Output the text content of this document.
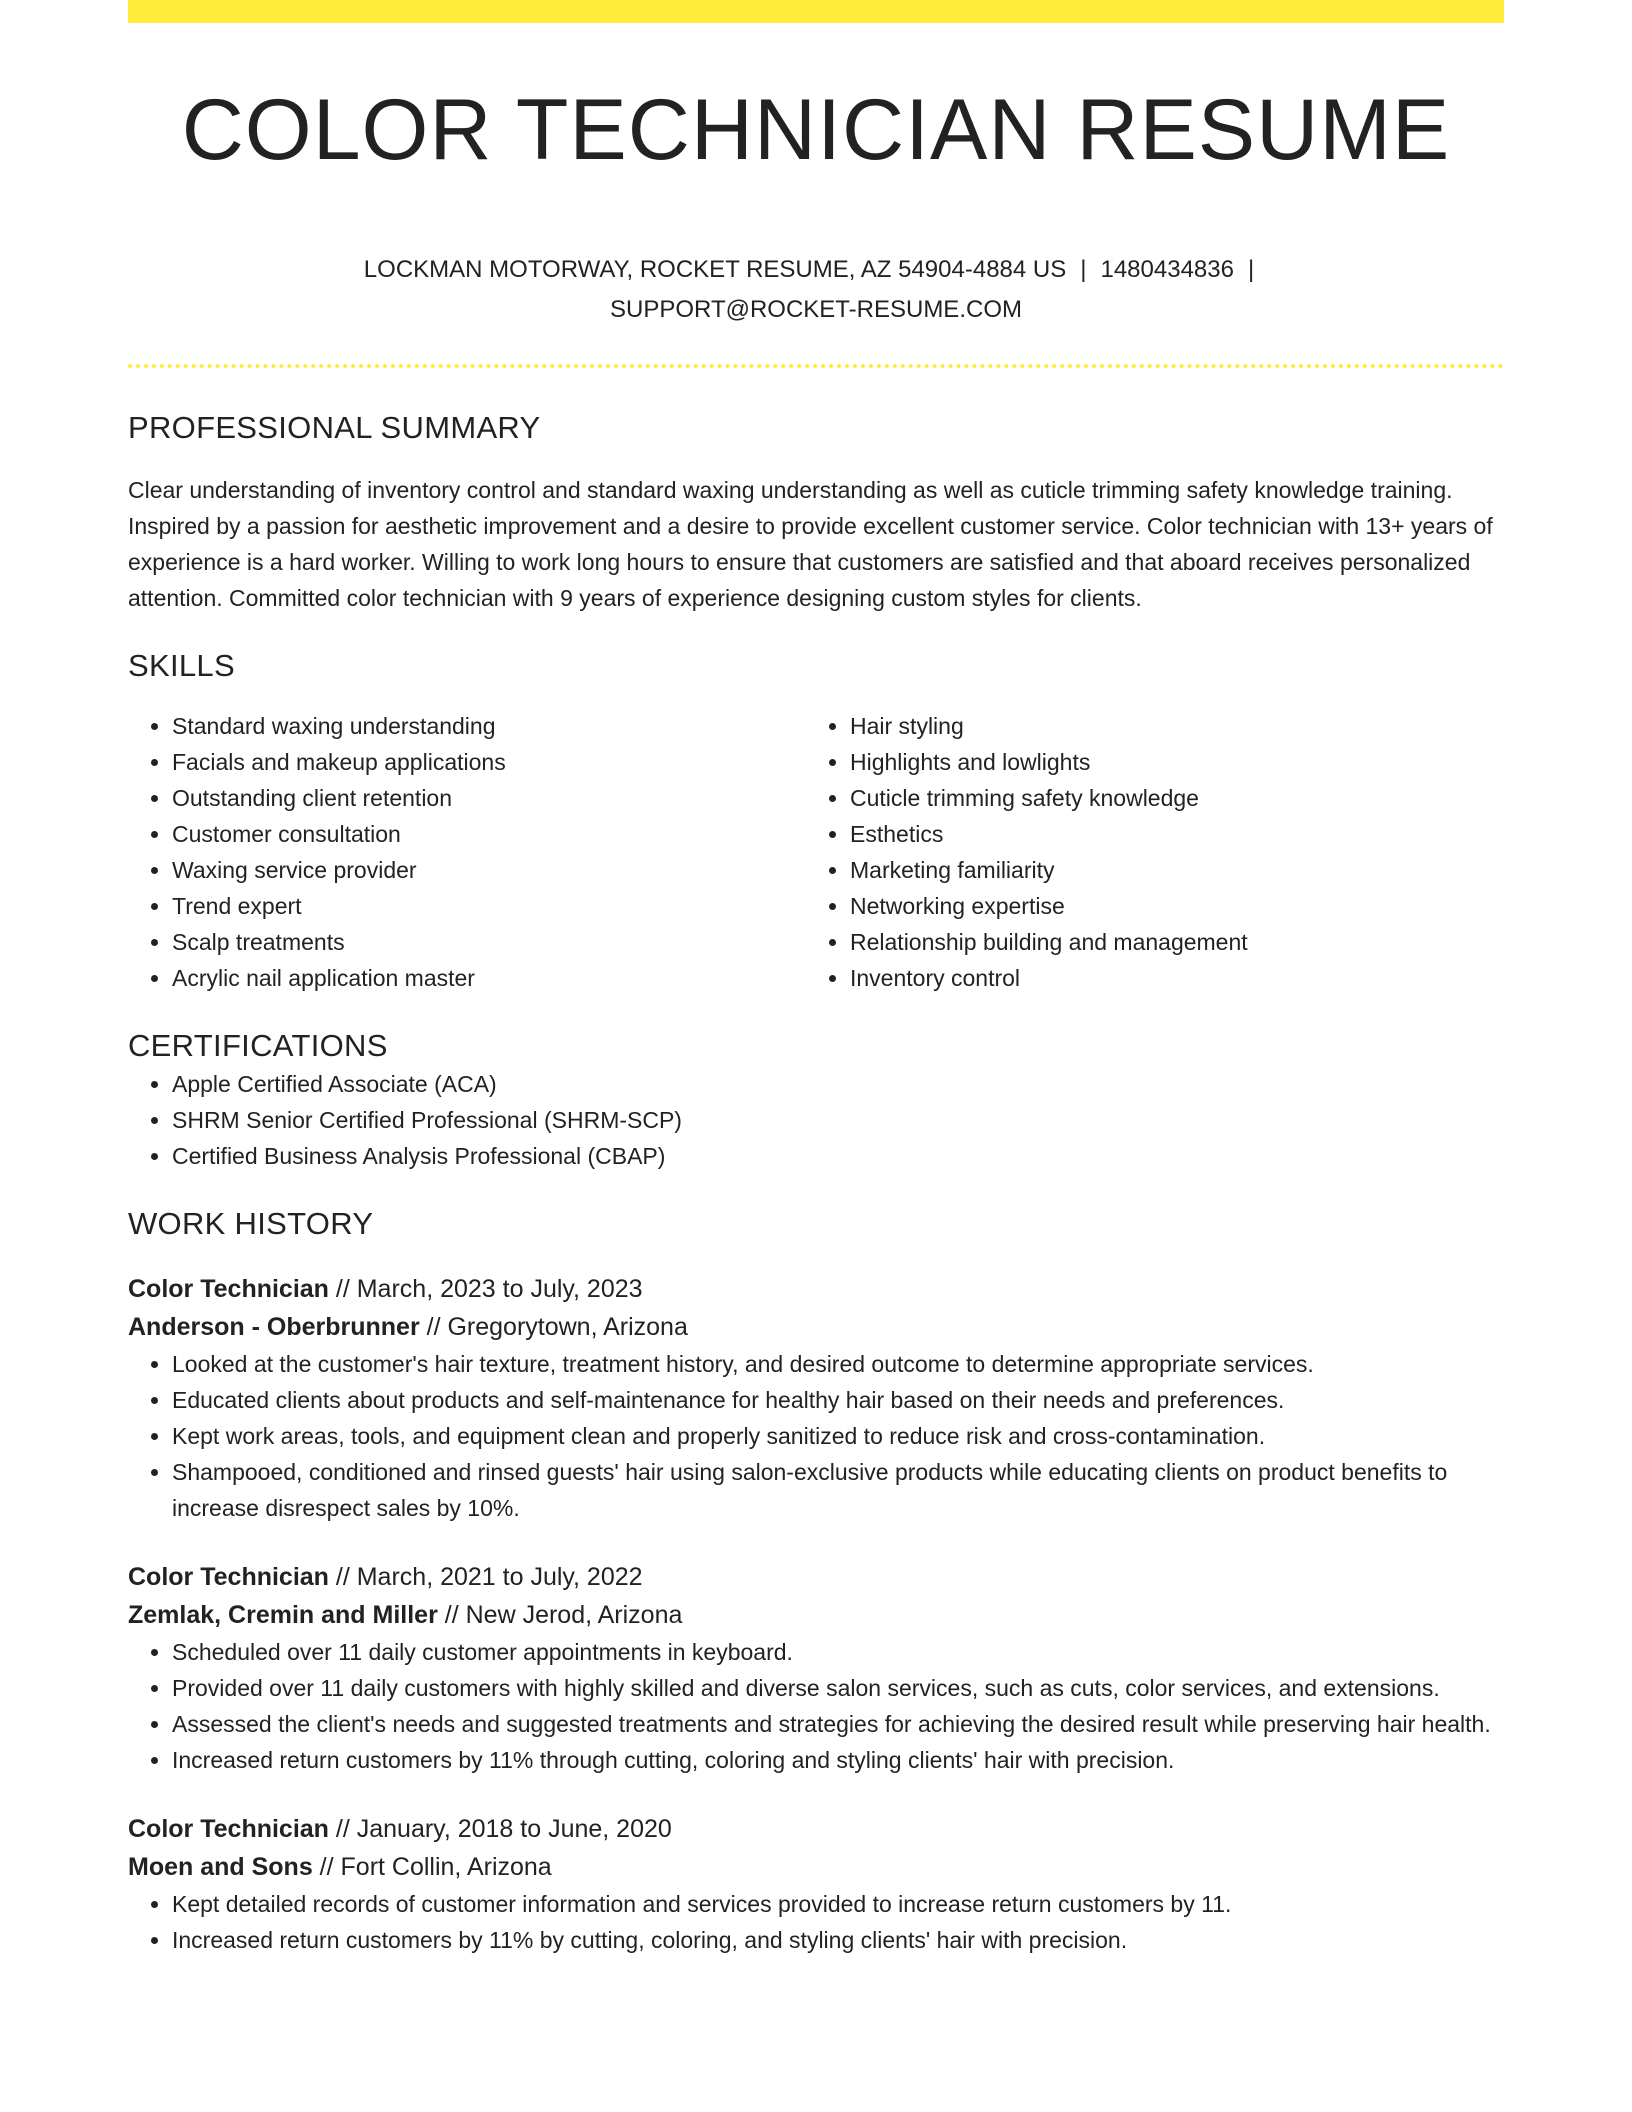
COLOR TECHNICIAN RESUME
LOCKMAN MOTORWAY, ROCKET RESUME, AZ 54904-4884 US | 1480434836 |
SUPPORT@ROCKET-RESUME.COM
PROFESSIONAL SUMMARY
Clear understanding of inventory control and standard waxing understanding as well as cuticle trimming safety knowledge training. Inspired by a passion for aesthetic improvement and a desire to provide excellent customer service. Color technician with 13+ years of experience is a hard worker. Willing to work long hours to ensure that customers are satisfied and that aboard receives personalized attention. Committed color technician with 9 years of experience designing custom styles for clients.
SKILLS
• Standard waxing understanding
• Facials and makeup applications
• Outstanding client retention
• Customer consultation
• Waxing service provider
• Trend expert
• Scalp treatments
• Acrylic nail application master
• Hair styling
• Highlights and lowlights
• Cuticle trimming safety knowledge
• Esthetics
• Marketing familiarity
• Networking expertise
• Relationship building and management
• Inventory control
CERTIFICATIONS
• Apple Certified Associate (ACA)
• SHRM Senior Certified Professional (SHRM-SCP)
• Certified Business Analysis Professional (CBAP)
WORK HISTORY
Color Technician // March, 2023 to July, 2023
Anderson - Oberbrunner // Gregorytown, Arizona
• Looked at the customer's hair texture, treatment history, and desired outcome to determine appropriate services.
• Educated clients about products and self-maintenance for healthy hair based on their needs and preferences.
• Kept work areas, tools, and equipment clean and properly sanitized to reduce risk and cross-contamination.
• Shampooed, conditioned and rinsed guests' hair using salon-exclusive products while educating clients on product benefits to increase disrespect sales by 10%.
Color Technician // March, 2021 to July, 2022
Zemlak, Cremin and Miller // New Jerod, Arizona
• Scheduled over 11 daily customer appointments in keyboard.
• Provided over 11 daily customers with highly skilled and diverse salon services, such as cuts, color services, and extensions.
• Assessed the client's needs and suggested treatments and strategies for achieving the desired result while preserving hair health.
• Increased return customers by 11% through cutting, coloring and styling clients' hair with precision.
Color Technician // January, 2018 to June, 2020
Moen and Sons // Fort Collin, Arizona
• Kept detailed records of customer information and services provided to increase return customers by 11.
• Increased return customers by 11% by cutting, coloring, and styling clients' hair with precision.
